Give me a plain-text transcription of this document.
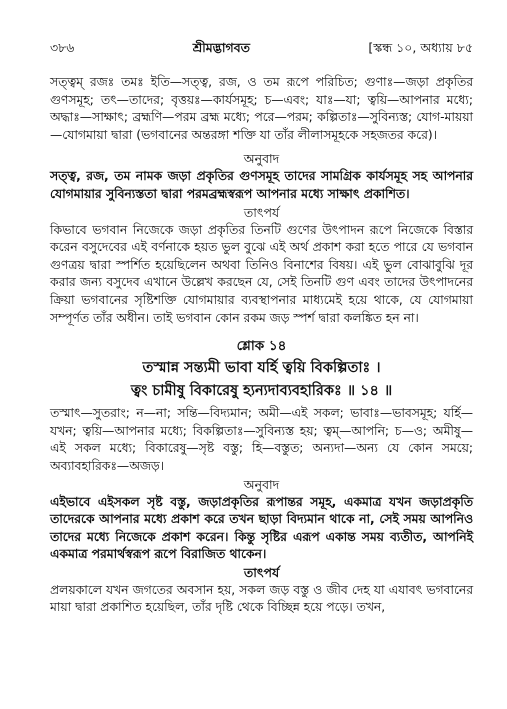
৩৮৬	শ্রীমদ্ভাগবত	[স্কন্ধ ১০, অধ্যায় ৮৫

সত্ত্বম্ রজঃ তমঃ ইতি—সত্ত্ব, রজ, ও তম রূপে পরিচিত; গুণাঃ—জড়া প্রকৃতির গুণসমূহ; তৎ—তাদের; বৃত্তয়ঃ—কার্যসমূহ; চ—এবং; যাঃ—যা; ত্বয়ি—আপনার মধ্যে; অদ্ধাঃ—সাক্ষাৎ; ব্রহ্মণি—পরম ব্রহ্ম মধ্যে; পরে—পরম; কল্পিতাঃ—সুবিন্যস্ত; যোগ-মায়য়া—যোগমায়া দ্বারা (ভগবানের অন্তরঙ্গা শক্তি যা তাঁর লীলাসমূহকে সহজতর করে)।

অনুবাদ

সত্ত্ব, রজ, তম নামক জড়া প্রকৃতির গুণসমূহ তাদের সামগ্রিক কার্যসমূহ সহ আপনার যোগমায়ার সুবিন্যস্ততা দ্বারা পরমব্রহ্মস্বরূপ আপনার মধ্যে সাক্ষাৎ প্রকাশিত।

তাৎপর্য

কিভাবে ভগবান নিজেকে জড়া প্রকৃতির তিনটি গুণের উৎপাদন রূপে নিজেকে বিস্তার করেন বসুদেবের এই বর্ণনাকে হয়ত ভুল বুঝে এই অর্থ প্রকাশ করা হতে পারে যে ভগবান গুণত্রয় দ্বারা স্পর্শিত হয়েছিলেন অথবা তিনিও বিনাশের বিষয়। এই ভুল বোঝাবুঝি দূর করার জন্য বসুদেব এখানে উল্লেখ করছেন যে, সেই তিনটি গুণ এবং তাদের উৎপাদনের ক্রিয়া ভগবানের সৃষ্টিশক্তি যোগমায়ার ব্যবস্থাপনার মাধ্যমেই হয়ে থাকে, যে যোগমায়া সম্পূর্ণত তাঁর অধীন। তাই ভগবান কোন রকম জড় স্পর্শ দ্বারা কলঙ্কিত হন না।

শ্লোক ১৪

তস্মান্ন সন্ত্যমী ভাবা যর্হি ত্বয়ি বিকল্পিতাঃ ।

ত্বং চামীষু বিকারেষু হ্যন্যদাব্যবহারিকঃ ॥ ১৪ ॥

তস্মাৎ—সুতরাং; ন—না; সন্তি—বিদ্যমান; অমী—এই সকল; ভাবাঃ—ভাবসমূহ; যর্হি—যখন; ত্বয়ি—আপনার মধ্যে; বিকল্পিতাঃ—সুবিন্যস্ত হয়; ত্বম্—আপনি; চ—ও; অমীষু—এই সকল মধ্যে; বিকারেষু—সৃষ্ট বস্তু; হি—বস্তুত; অন্যদা—অন্য যে কোন সময়ে; অব্যাবহারিকঃ—অজড়।

অনুবাদ

এইভাবে এইসকল সৃষ্ট বস্তু, জড়াপ্রকৃতির রূপান্তর সমূহ, একমাত্র যখন জড়াপ্রকৃতি তাদেরকে আপনার মধ্যে প্রকাশ করে তখন ছাড়া বিদ্যমান থাকে না, সেই সময় আপনিও তাদের মধ্যে নিজেকে প্রকাশ করেন। কিন্তু সৃষ্টির এরূপ একান্ত সময় ব্যতীত, আপনিই একমাত্র পরমার্থস্বরূপ রূপে বিরাজিত থাকেন।

তাৎপর্য

প্রলয়কালে যখন জগতের অবসান হয়, সকল জড় বস্তু ও জীব দেহ যা এযাবৎ ভগবানের মায়া দ্বারা প্রকাশিত হয়েছিল, তাঁর দৃষ্টি থেকে বিচ্ছিন্ন হয়ে পড়ে। তখন,
